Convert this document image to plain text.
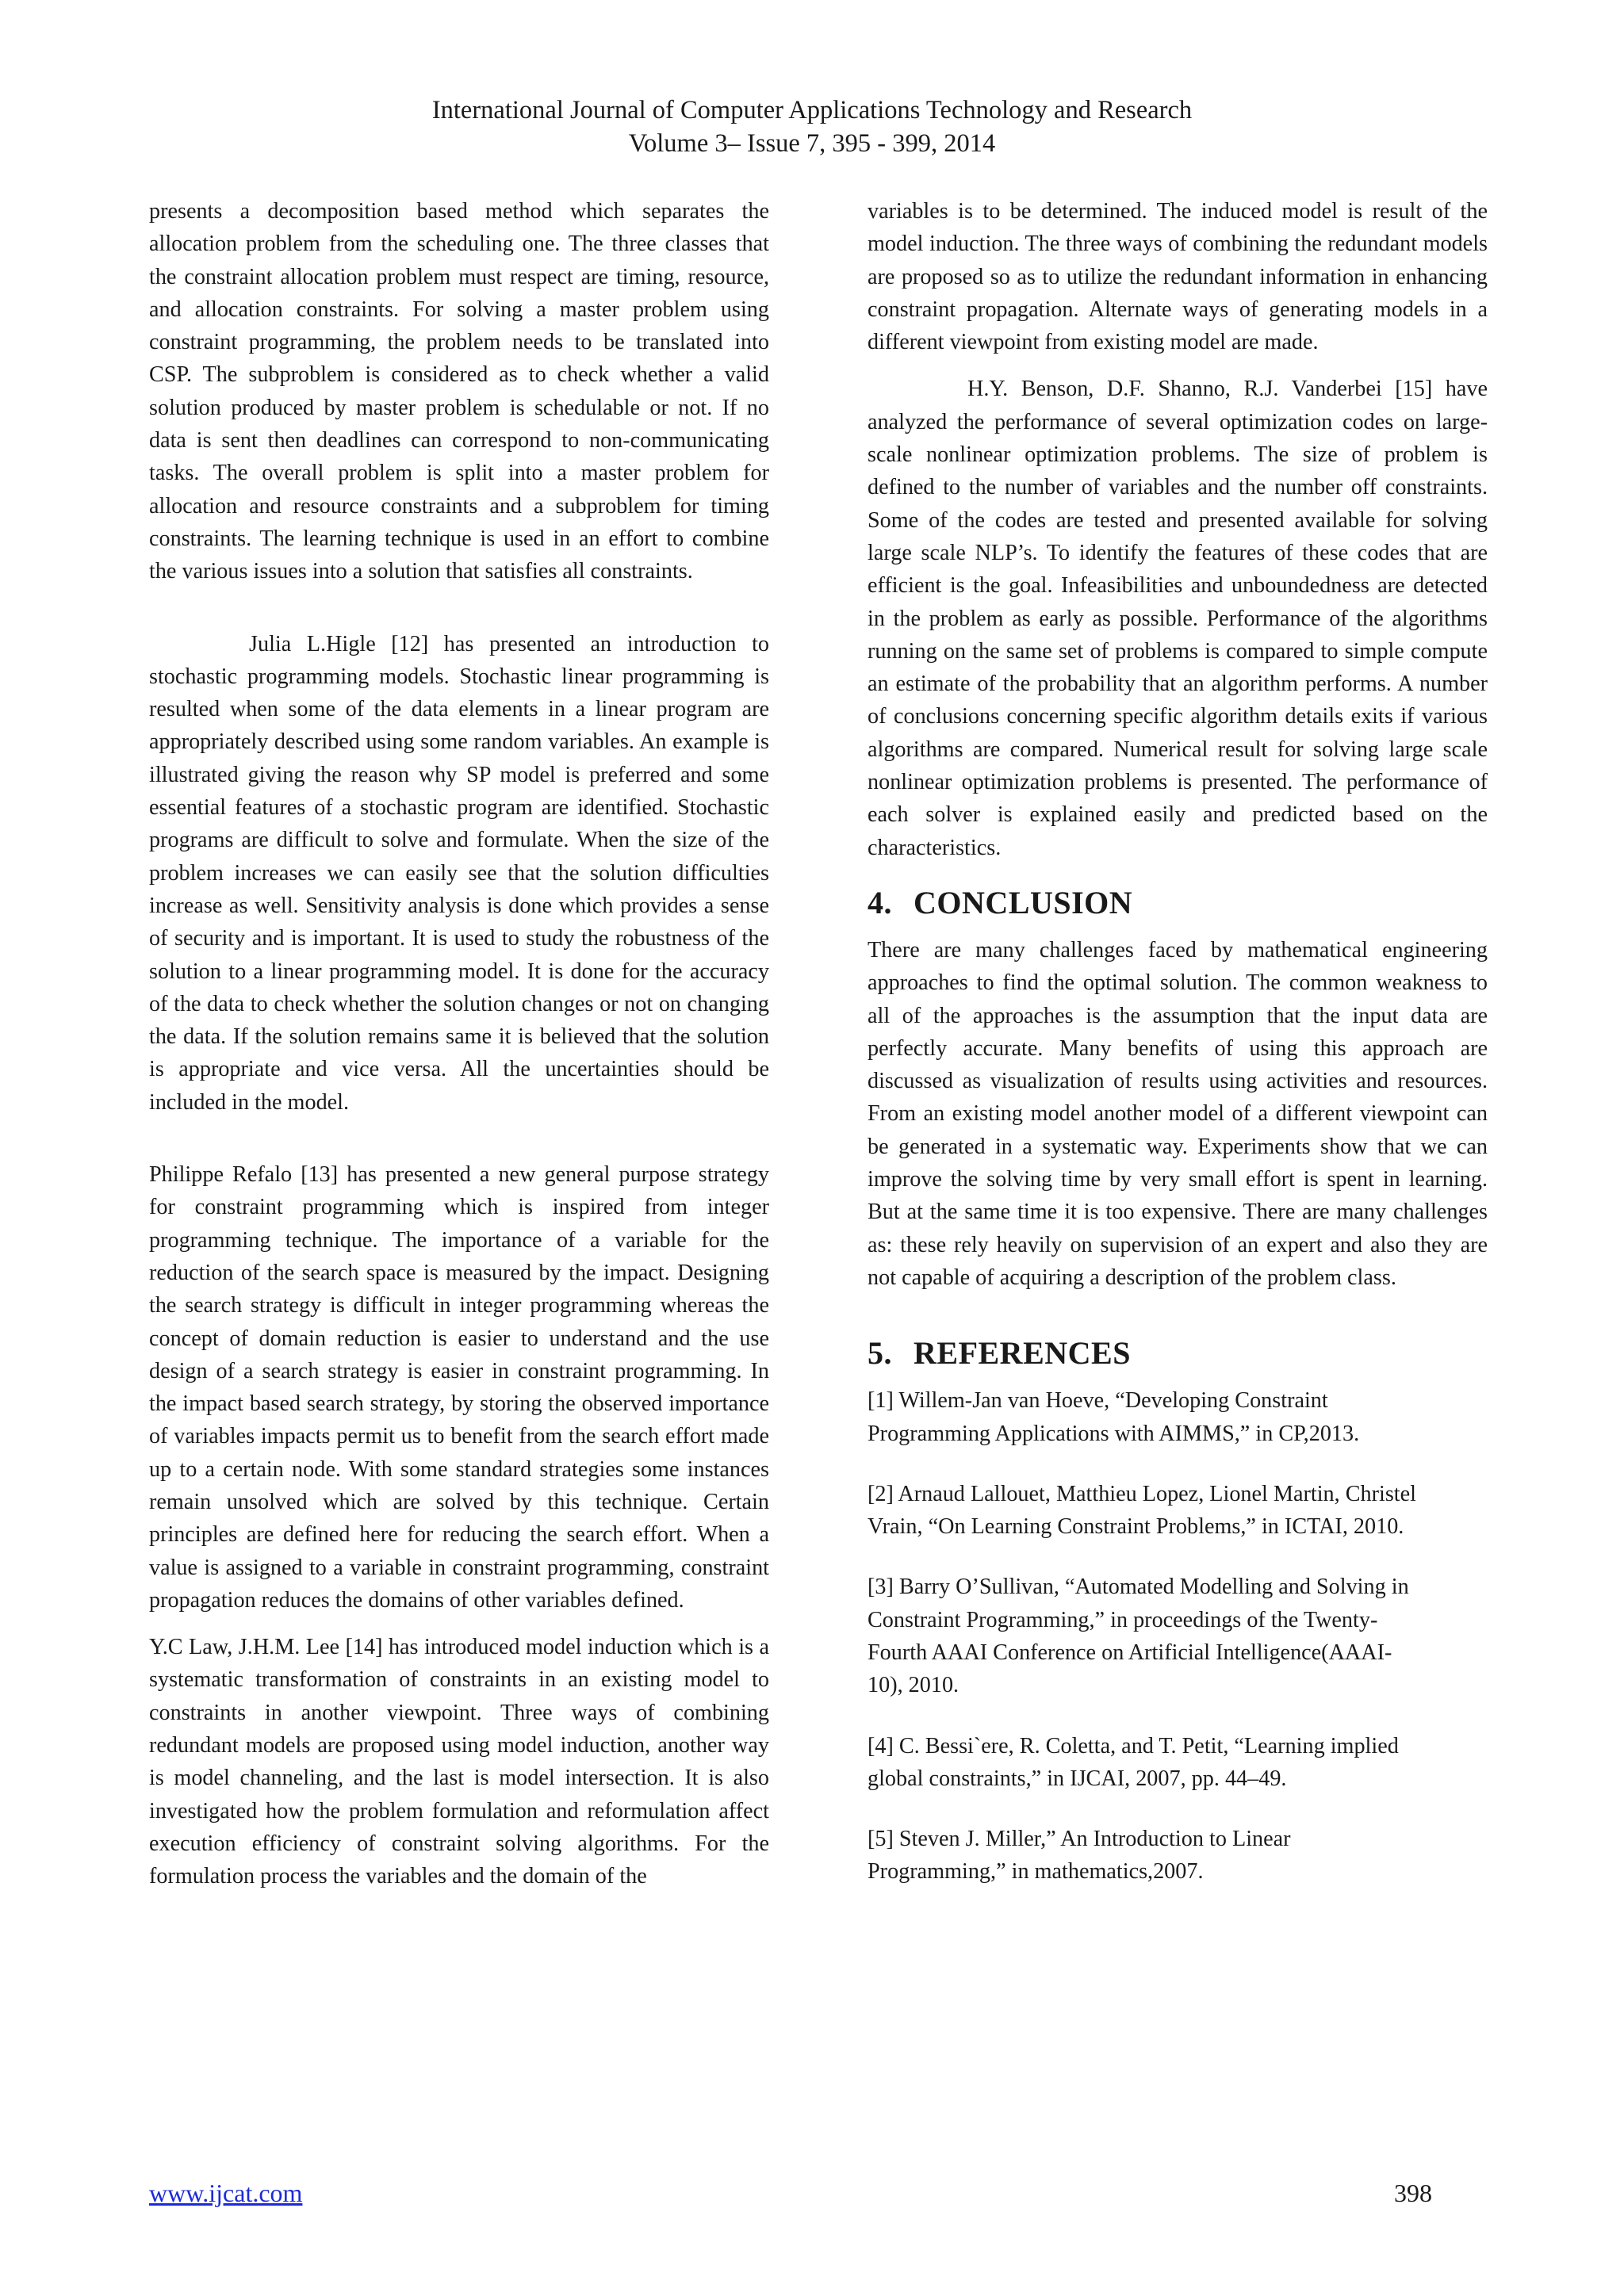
International Journal of Computer Applications Technology and Research
Volume 3– Issue 7, 395 - 399, 2014

presents a decomposition based method which separates the allocation problem from the scheduling one. The three classes that the constraint allocation problem must respect are timing, resource, and allocation constraints. For solving a master problem using constraint programming, the problem needs to be translated into CSP. The subproblem is considered as to check whether a valid solution produced by master problem is schedulable or not. If no data is sent then deadlines can correspond to non-communicating tasks. The overall problem is split into a master problem for allocation and resource constraints and a subproblem for timing constraints. The learning technique is used in an effort to combine the various issues into a solution that satisfies all constraints.

Julia L.Higle [12] has presented an introduction to stochastic programming models. Stochastic linear programming is resulted when some of the data elements in a linear program are appropriately described using some random variables. An example is illustrated giving the reason why SP model is preferred and some essential features of a stochastic program are identified. Stochastic programs are difficult to solve and formulate. When the size of the problem increases we can easily see that the solution difficulties increase as well. Sensitivity analysis is done which provides a sense of security and is important. It is used to study the robustness of the solution to a linear programming model. It is done for the accuracy of the data to check whether the solution changes or not on changing the data. If the solution remains same it is believed that the solution is appropriate and vice versa. All the uncertainties should be included in the model.

Philippe Refalo [13] has presented a new general purpose strategy for constraint programming which is inspired from integer programming technique. The importance of a variable for the reduction of the search space is measured by the impact. Designing the search strategy is difficult in integer programming whereas the concept of domain reduction is easier to understand and the use design of a search strategy is easier in constraint programming. In the impact based search strategy, by storing the observed importance of variables impacts permit us to benefit from the search effort made up to a certain node. With some standard strategies some instances remain unsolved which are solved by this technique. Certain principles are defined here for reducing the search effort. When a value is assigned to a variable in constraint programming, constraint propagation reduces the domains of other variables defined.

Y.C Law, J.H.M. Lee [14] has introduced model induction which is a systematic transformation of constraints in an existing model to constraints in another viewpoint. Three ways of combining redundant models are proposed using model induction, another way is model channeling, and the last is model intersection. It is also investigated how the problem formulation and reformulation affect execution efficiency of constraint solving algorithms. For the formulation process the variables and the domain of the

variables is to be determined. The induced model is result of the model induction. The three ways of combining the redundant models are proposed so as to utilize the redundant information in enhancing constraint propagation. Alternate ways of generating models in a different viewpoint from existing model are made.

H.Y. Benson, D.F. Shanno, R.J. Vanderbei [15] have analyzed the performance of several optimization codes on large-scale nonlinear optimization problems. The size of problem is defined to the number of variables and the number off constraints. Some of the codes are tested and presented available for solving large scale NLP’s. To identify the features of these codes that are efficient is the goal. Infeasibilities and unboundedness are detected in the problem as early as possible. Performance of the algorithms running on the same set of problems is compared to simple compute an estimate of the probability that an algorithm performs. A number of conclusions concerning specific algorithm details exits if various algorithms are compared. Numerical result for solving large scale nonlinear optimization problems is presented. The performance of each solver is explained easily and predicted based on the characteristics.

4. CONCLUSION

There are many challenges faced by mathematical engineering approaches to find the optimal solution. The common weakness to all of the approaches is the assumption that the input data are perfectly accurate. Many benefits of using this approach are discussed as visualization of results using activities and resources. From an existing model another model of a different viewpoint can be generated in a systematic way. Experiments show that we can improve the solving time by very small effort is spent in learning. But at the same time it is too expensive. There are many challenges as: these rely heavily on supervision of an expert and also they are not capable of acquiring a description of the problem class.

5. REFERENCES
[1] Willem-Jan van Hoeve, “Developing Constraint
Programming Applications with AIMMS,” in CP,2013.
[2] Arnaud Lallouet, Matthieu Lopez, Lionel Martin, Christel
Vrain, “On Learning Constraint Problems,” in ICTAI, 2010.
[3] Barry O’Sullivan, “Automated Modelling and Solving in
Constraint Programming,” in proceedings of the Twenty-
Fourth AAAI Conference on Artificial Intelligence(AAAI-
10), 2010.
[4] C. Bessi`ere, R. Coletta, and T. Petit, “Learning implied
global constraints,” in IJCAI, 2007, pp. 44–49.
[5] Steven J. Miller,” An Introduction to Linear
Programming,” in mathematics,2007.
www.ijcat.com	398
